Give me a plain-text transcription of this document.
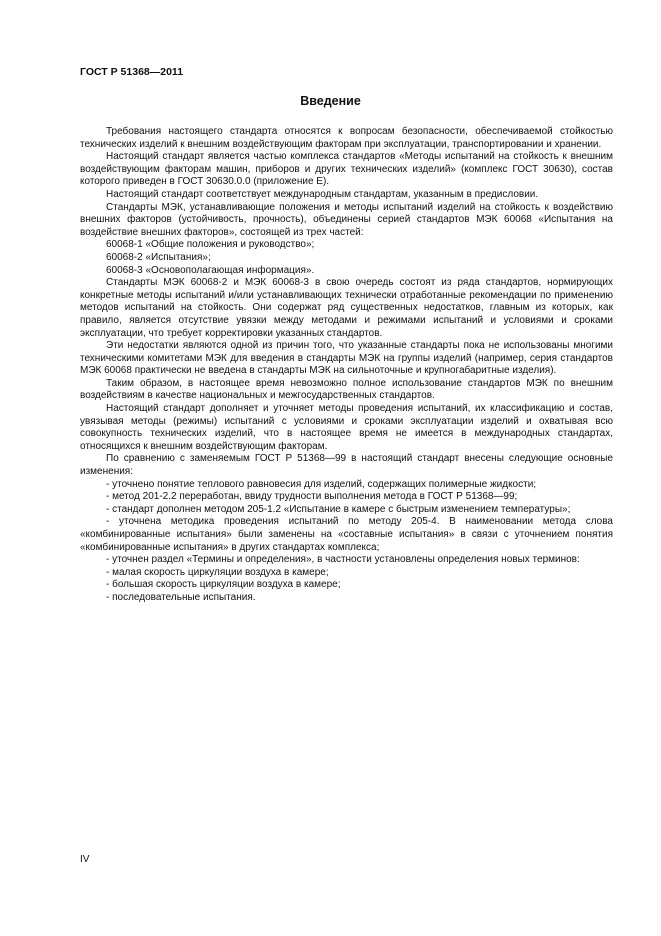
ГОСТ Р 51368—2011
Введение

Требования настоящего стандарта относятся к вопросам безопасности, обеспечиваемой стойкостью технических изделий к внешним воздействующим факторам при эксплуатации, транспортировании и хранении.

Настоящий стандарт является частью комплекса стандартов «Методы испытаний на стойкость к внешним воздействующим факторам машин, приборов и других технических изделий» (комплекс ГОСТ 30630), состав которого приведен в ГОСТ 30630.0.0 (приложение Е).

Настоящий стандарт соответствует международным стандартам, указанным в предисловии.

Стандарты МЭК, устанавливающие положения и методы испытаний изделий на стойкость к воздействию внешних факторов (устойчивость, прочность), объединены серией стандартов МЭК 60068 «Испытания на воздействие внешних факторов», состоящей из трех частей:

60068-1 «Общие положения и руководство»;

60068-2 «Испытания»;

60068-3 «Основополагающая информация».

Стандарты МЭК 60068-2 и МЭК 60068-3 в свою очередь состоят из ряда стандартов, нормирующих конкретные методы испытаний и/или устанавливающих технически отработанные рекомендации по применению методов испытаний на стойкость. Они содержат ряд существенных недостатков, главным из которых, как правило, является отсутствие увязки между методами и режимами испытаний и условиями и сроками эксплуатации, что требует корректировки указанных стандартов.

Эти недостатки являются одной из причин того, что указанные стандарты пока не использованы многими техническими комитетами МЭК для введения в стандарты МЭК на группы изделий (например, серия стандартов МЭК 60068 практически не введена в стандарты МЭК на сильноточные и крупногабаритные изделия).

Таким образом, в настоящее время невозможно полное использование стандартов МЭК по внешним воздействиям в качестве национальных и межгосударственных стандартов.

Настоящий стандарт дополняет и уточняет методы проведения испытаний, их классификацию и состав, увязывая методы (режимы) испытаний с условиями и сроками эксплуатации изделий и охватывая всю совокупность технических изделий, что в настоящее время не имеется в международных стандартах, относящихся к внешним воздействующим факторам.

По сравнению с заменяемым ГОСТ Р 51368—99 в настоящий стандарт внесены следующие основные изменения:

- уточнено понятие теплового равновесия для изделий, содержащих полимерные жидкости;

- метод 201-2.2 переработан, ввиду трудности выполнения метода в ГОСТ Р 51368—99;

- стандарт дополнен методом 205-1.2 «Испытание в камере с быстрым изменением температуры»;

- уточнена методика проведения испытаний по методу 205-4. В наименовании метода слова «комбинированные испытания» были заменены на «составные испытания» в связи с уточнением понятия «комбинированные испытания» в других стандартах комплекса;

- уточнен раздел «Термины и определения», в частности установлены определения новых терминов:

- малая скорость циркуляции воздуха в камере;

- большая скорость циркуляции воздуха в камере;

- последовательные испытания.

IV
